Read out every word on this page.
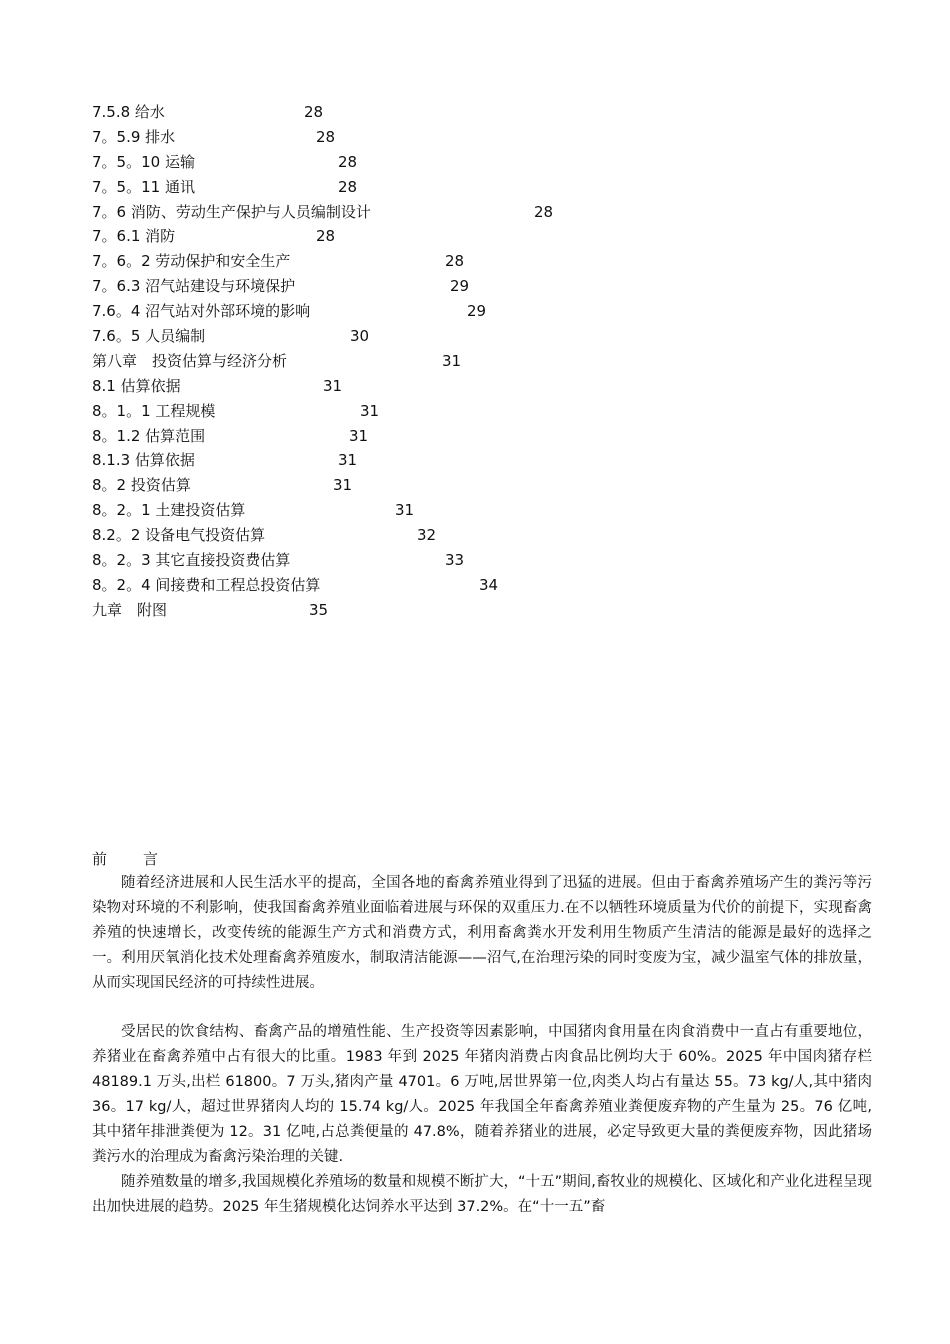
7.5.8 给水	28
7。5.9 排水	28
7。5。10 运输	28
7。5。11 通讯	28
7。6 消防、劳动生产保护与人员编制设计	28
7。6.1 消防	28
7。6。2 劳动保护和安全生产	28
7。6.3 沼气站建设与环境保护	29
7.6。4 沼气站对外部环境的影响	29
7.6。5 人员编制	30
第八章　投资估算与经济分析	31
8.1 估算依据	31
8。1。1 工程规模	31
8。1.2 估算范围	31
8.1.3 估算依据	31
8。2 投资估算	31
8。2。1 土建投资估算	31
8.2。2 设备电气投资估算	32
8。2。3 其它直接投资费估算	33
8。2。4 间接费和工程总投资估算	34
九章　附图	35
前 言

随着经济进展和人民生活水平的提高，全国各地的畜禽养殖业得到了迅猛的进展。但由于畜禽养殖场产生的粪污等污染物对环境的不利影响，使我国畜禽养殖业面临着进展与环保的双重压力.在不以牺牲环境质量为代价的前提下，实现畜禽养殖的快速增长，改变传统的能源生产方式和消费方式，利用畜禽粪水开发利用生物质产生清洁的能源是最好的选择之一。利用厌氧消化技术处理畜禽养殖废水，制取清洁能源——沼气,在治理污染的同时变废为宝，减少温室气体的排放量，从而实现国民经济的可持续性进展。

受居民的饮食结构、畜禽产品的增殖性能、生产投资等因素影响，中国猪肉食用量在肉食消费中一直占有重要地位，养猪业在畜禽养殖中占有很大的比重。1983 年到 2025 年猪肉消费占肉食品比例均大于 60%。2025 年中国肉猪存栏 48189.1 万头,出栏 61800。7 万头,猪肉产量 4701。6 万吨,居世界第一位,肉类人均占有量达 55。73 kg/人,其中猪肉 36。17 kg/人，超过世界猪肉人均的 15.74 kg/人。2025 年我国全年畜禽养殖业粪便废弃物的产生量为 25。76 亿吨,其中猪年排泄粪便为 12。31 亿吨,占总粪便量的 47.8%，随着养猪业的进展，必定导致更大量的粪便废弃物，因此猪场粪污水的治理成为畜禽污染治理的关键.

随养殖数量的增多,我国规模化养殖场的数量和规模不断扩大，“十五”期间,畜牧业的规模化、区域化和产业化进程呈现出加快进展的趋势。2025 年生猪规模化达饲养水平达到 37.2%。在“十一五”畜
